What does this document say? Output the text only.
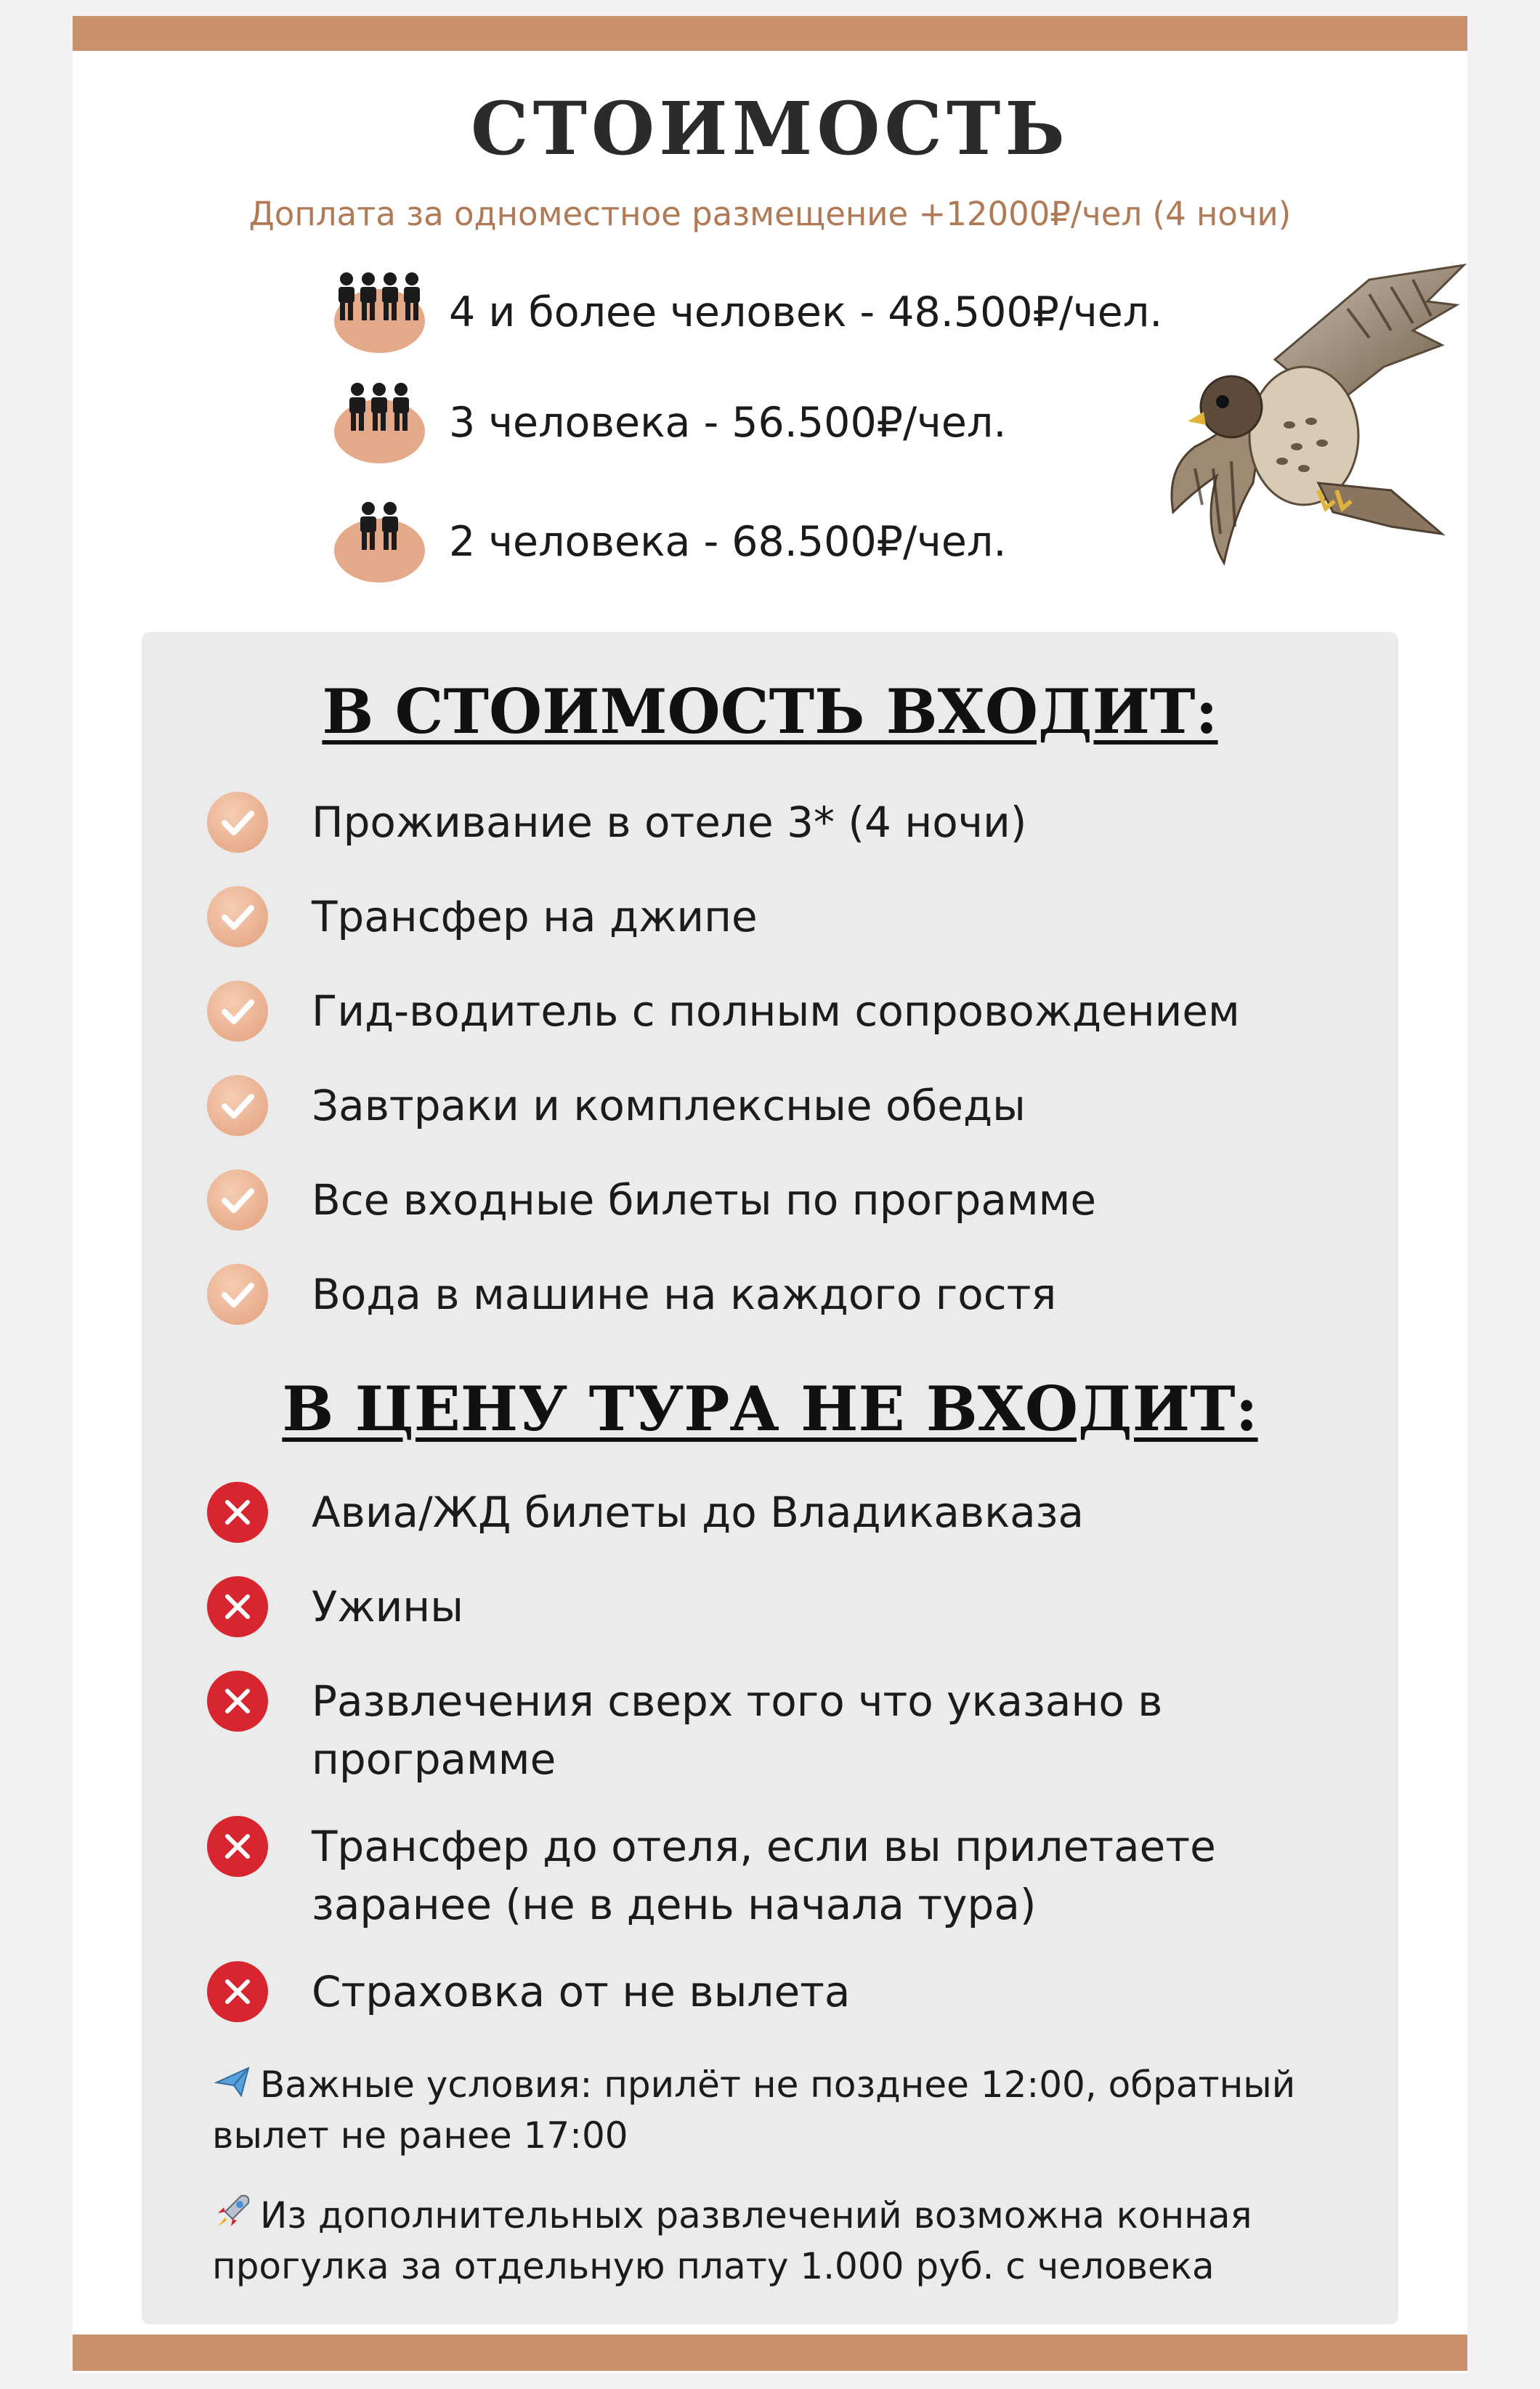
СТОИМОСТЬ

Доплата за одноместное размещение +12000₽/чел (4 ночи)

4 и более человек - 48.500₽/чел.
3 человека - 56.500₽/чел.
2 человека - 68.500₽/чел.
В СТОИМОСТЬ ВХОДИТ:
Проживание в отеле 3* (4 ночи)
Трансфер на джипе
Гид-водитель с полным сопровождением
Завтраки и комплексные обеды
Все входные билеты по программе
Вода в машине на каждого гостя
В ЦЕНУ ТУРА НЕ ВХОДИТ:
Авиа/ЖД билеты до Владикавказа
Ужины
Развлечения сверх того что указано в программе
Трансфер до отеля, если вы прилетаете заранее (не в день начала тура)
Страховка от не вылета
Важные условия: прилёт не позднее 12:00, обратный вылет не ранее 17:00
Из дополнительных развлечений возможна конная прогулка за отдельную плату 1.000 руб. с человека
